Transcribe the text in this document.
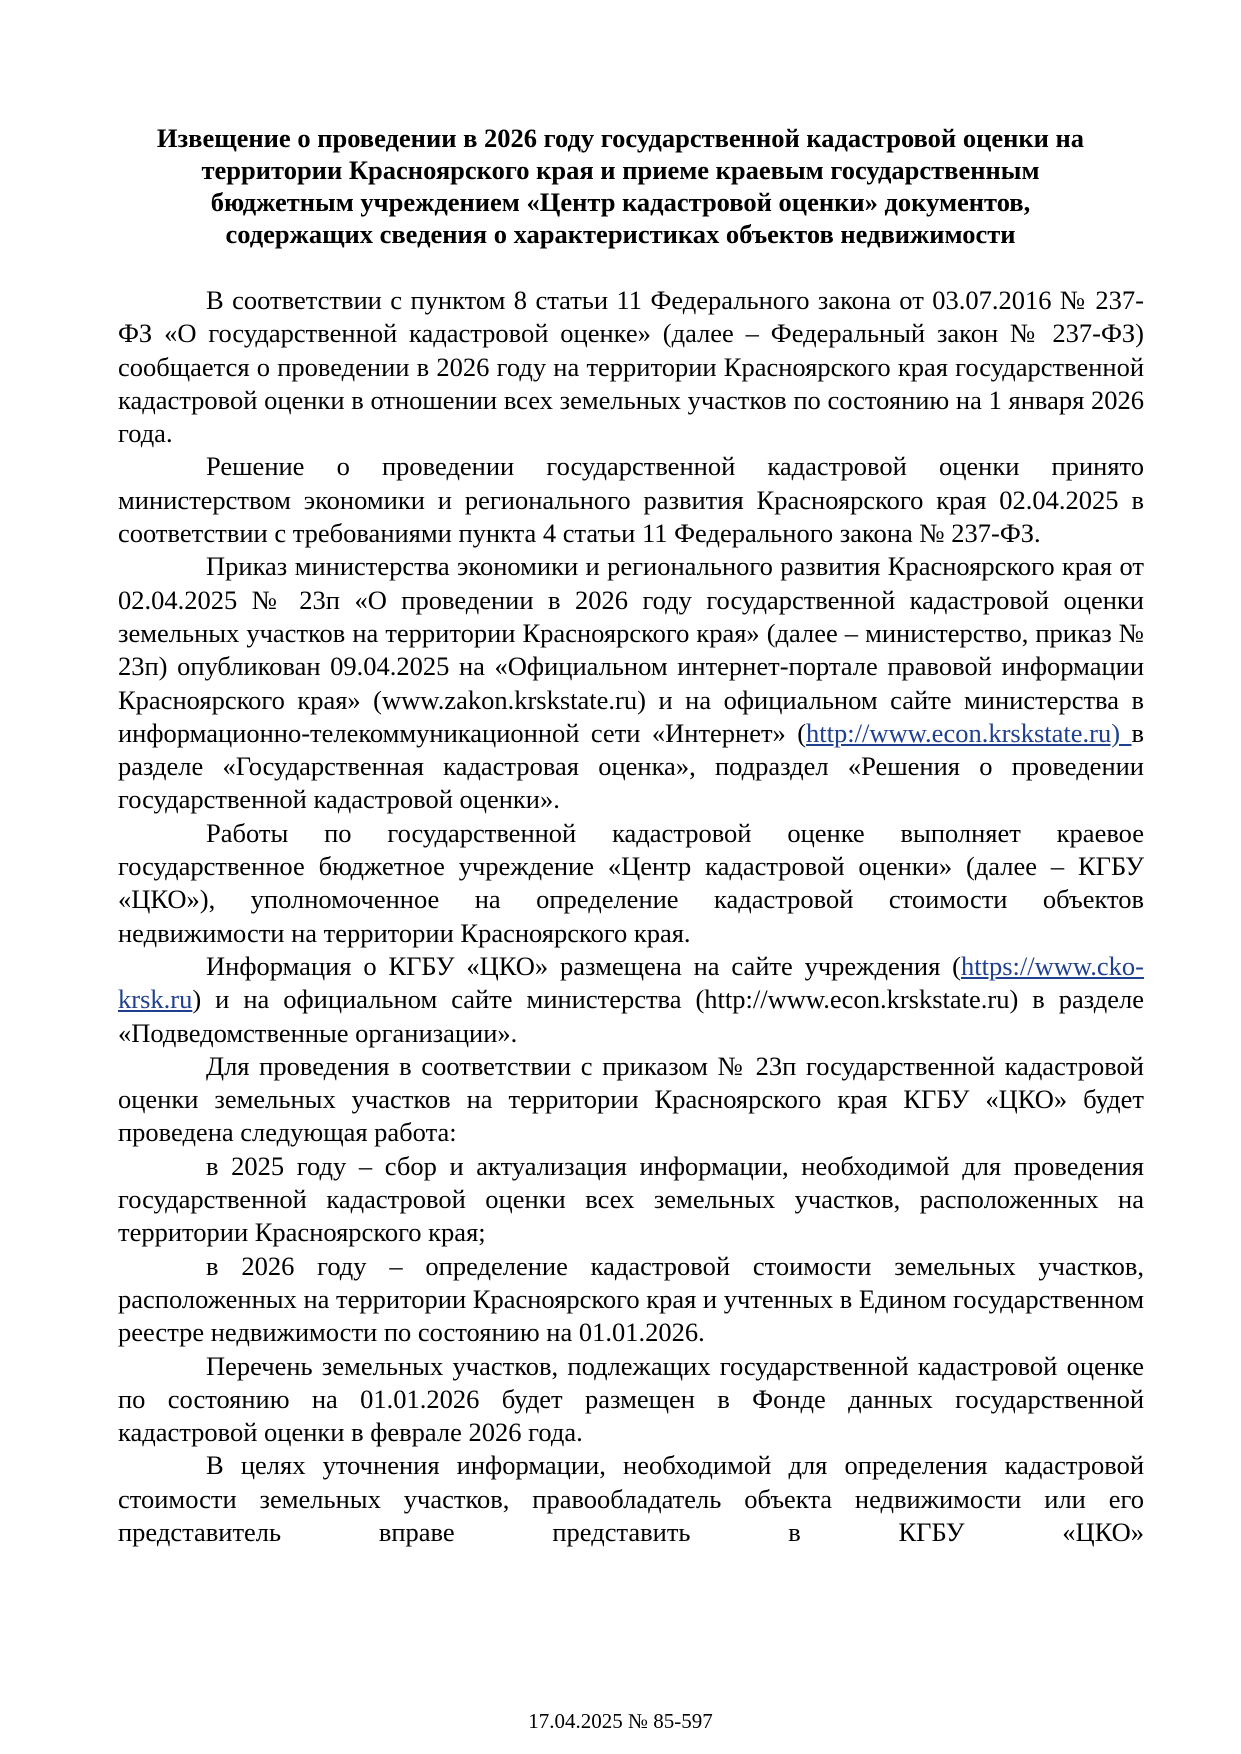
Извещение о проведении в 2026 году государственной кадастровой оценки на
территории Красноярского края и приеме краевым государственным
бюджетным учреждением «Центр кадастровой оценки» документов,
содержащих сведения о характеристиках объектов недвижимости

В соответствии с пунктом 8 статьи 11 Федерального закона от 03.07.2016 № 237-ФЗ «О государственной кадастровой оценке» (далее – Федеральный закон № 237-ФЗ) сообщается о проведении в 2026 году на территории Красноярского края государственной кадастровой оценки в отношении всех земельных участков по состоянию на 1 января 2026 года.

Решение о проведении государственной кадастровой оценки принято министерством экономики и регионального развития Красноярского края 02.04.2025 в соответствии с требованиями пункта 4 статьи 11 Федерального закона № 237-ФЗ.

Приказ министерства экономики и регионального развития Красноярского края от 02.04.2025 № 23п «О проведении в 2026 году государственной кадастровой оценки земельных участков на территории Красноярского края» (далее – министерство, приказ № 23п) опубликован 09.04.2025 на «Официальном интернет-портале правовой информации Красноярского края» (www.zakon.krskstate.ru) и на официальном сайте министерства в информационно-телекоммуникационной сети «Интернет» (http://www.econ.krskstate.ru) в разделе «Государственная кадастровая оценка», подраздел «Решения о проведении государственной кадастровой оценки».

Работы по государственной кадастровой оценке выполняет краевое государственное бюджетное учреждение «Центр кадастровой оценки» (далее – КГБУ «ЦКО»), уполномоченное на определение кадастровой стоимости объектов недвижимости на территории Красноярского края.

Информация о КГБУ «ЦКО» размещена на сайте учреждения (https://www.cko-krsk.ru) и на официальном сайте министерства (http://www.econ.krskstate.ru) в разделе «Подведомственные организации».

Для проведения в соответствии с приказом № 23п государственной кадастровой оценки земельных участков на территории Красноярского края КГБУ «ЦКО» будет проведена следующая работа:

в 2025 году – сбор и актуализация информации, необходимой для проведения государственной кадастровой оценки всех земельных участков, расположенных на территории Красноярского края;

в 2026 году – определение кадастровой стоимости земельных участков, расположенных на территории Красноярского края и учтенных в Едином государственном реестре недвижимости по состоянию на 01.01.2026.

Перечень земельных участков, подлежащих государственной кадастровой оценке по состоянию на 01.01.2026 будет размещен в Фонде данных государственной кадастровой оценки в феврале 2026 года.

В целях уточнения информации, необходимой для определения кадастровой стоимости земельных участков, правообладатель объекта недвижимости или его представитель вправе представить в КГБУ «ЦКО»

17.04.2025 № 85-597
